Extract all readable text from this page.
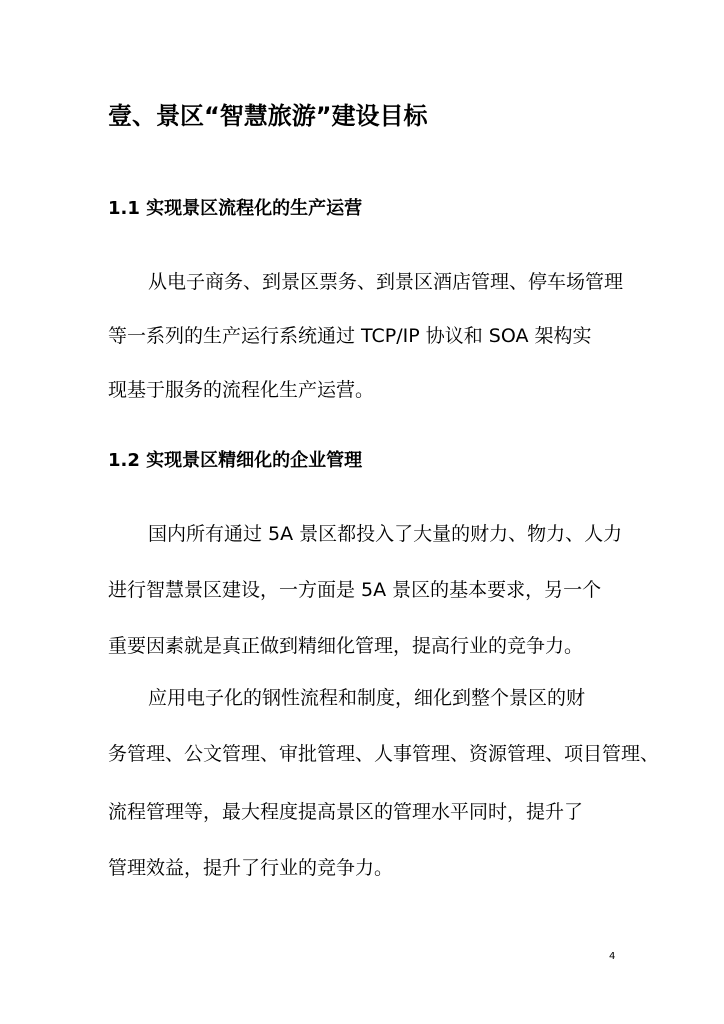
壹、景区“智慧旅游”建设目标
1.1 实现景区流程化的生产运营
从电子商务、到景区票务、到景区酒店管理、停车场管理
等一系列的生产运行系统通过 TCP/IP 协议和 SOA 架构实
现基于服务的流程化生产运营。
1.2 实现景区精细化的企业管理
国内所有通过 5A 景区都投入了大量的财力、物力、人力
进行智慧景区建设，一方面是 5A 景区的基本要求，另一个
重要因素就是真正做到精细化管理，提高行业的竞争力。
应用电子化的钢性流程和制度，细化到整个景区的财
务管理、公文管理、审批管理、人事管理、资源管理、项目管理、
流程管理等，最大程度提高景区的管理水平同时，提升了
管理效益，提升了行业的竞争力。
4
